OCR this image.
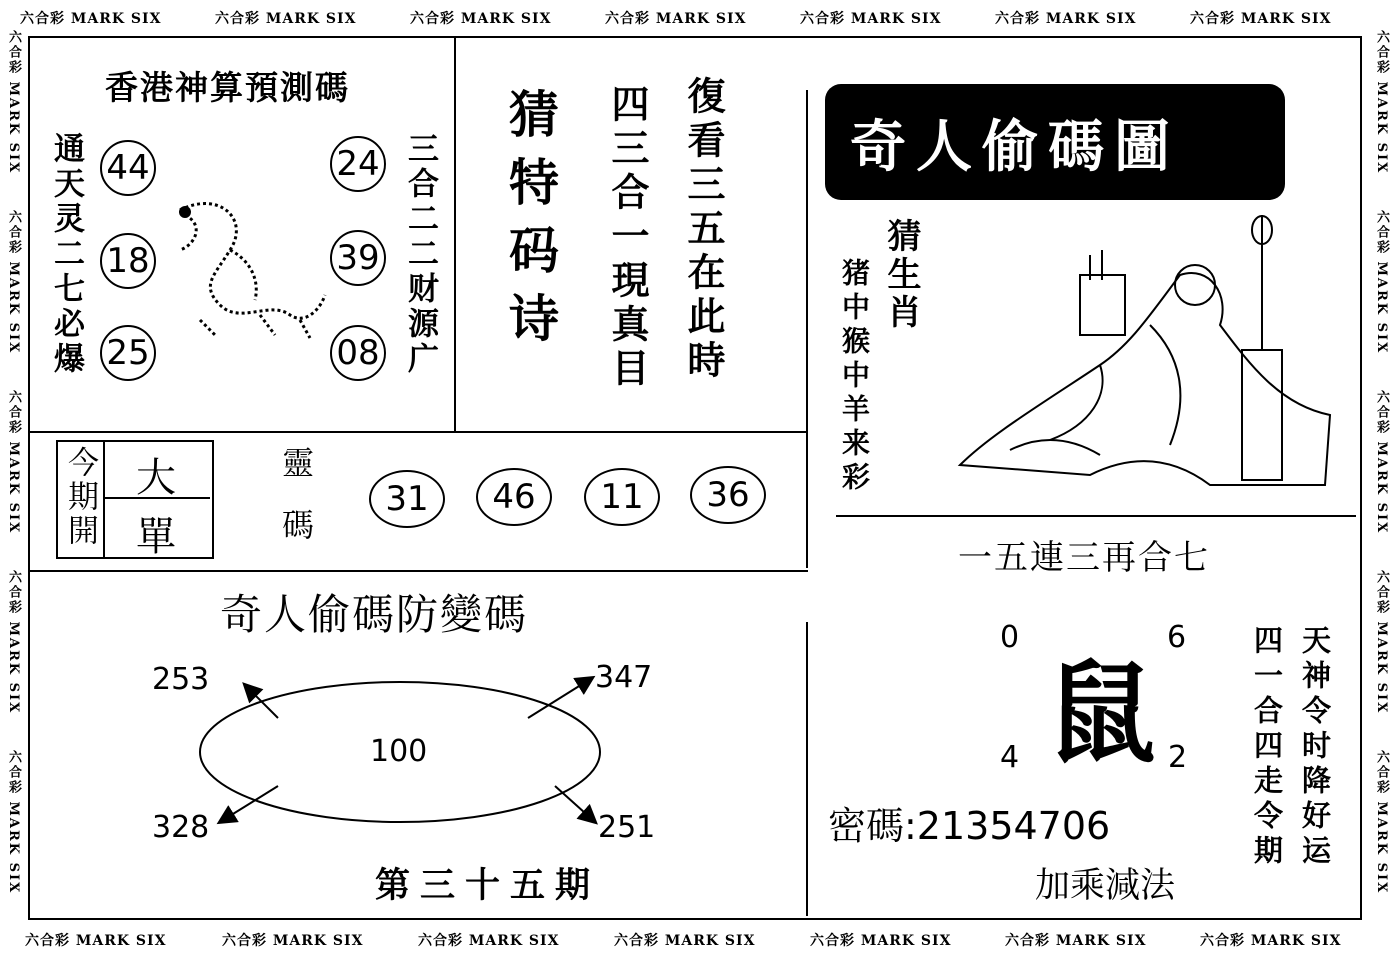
六合彩 MARK SIX	六合彩 MARK SIX	六合彩 MARK SIX	六合彩 MARK SIX	六合彩 MARK SIX	六合彩 MARK SIX	六合彩 MARK SIX
六合彩 MARK SIX	六合彩 MARK SIX	六合彩 MARK SIX	六合彩 MARK SIX	六合彩 MARK SIX	六合彩 MARK SIX	六合彩 MARK SIX
六合彩 MARK SIX
六合彩 MARK SIX
六合彩 MARK SIX
六合彩 MARK SIX
六合彩 MARK SIX
六合彩 MARK SIX
六合彩 MARK SIX
六合彩 MARK SIX
六合彩 MARK SIX
六合彩 MARK SIX
香港神算預測碼
通天灵二七必爆	三合二二财源广
44
18
25
24
39
08 猜特码诗 四三合一現真目 復看三五在此時 奇人偷碼圖
猜生肖
猪中猴中羊来彩
今期開 大
單	靈碼	31	46	11	36
奇人偷碼防變碼
100
253	347
328	251
第三十五期
一五連三再合七
鼠
0	6
4	2
密碼:21354706
加乘減法
天神令时降好运
四一合四走令期
